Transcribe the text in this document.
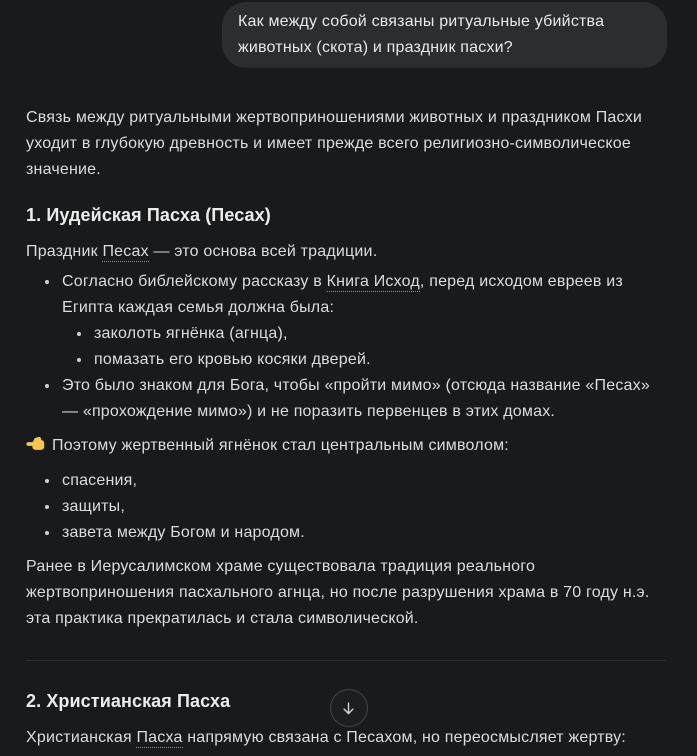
Как между собой связаны ритуальные убийства животных (скота) и праздник пасхи?

Связь между ритуальными жертвоприношениями животных и праздником Пасхи уходит в глубокую древность и имеет прежде всего религиозно-символическое значение.

1. Иудейская Пасха (Песах)

Праздник Песах — это основа всей традиции.

• Согласно библейскому рассказу в Книга Исход, перед исходом евреев из Египта каждая семья должна была:
• заколоть ягнёнка (агнца),
• помазать его кровью косяки дверей.
• Это было знаком для Бога, чтобы «пройти мимо» (отсюда название «Песах» — «прохождение мимо») и не поразить первенцев в этих домах.

Поэтому жертвенный ягнёнок стал центральным символом:

• спасения,
• защиты,
• завета между Богом и народом.

Ранее в Иерусалимском храме существовала традиция реального жертвоприношения пасхального агнца, но после разрушения храма в 70 году н.э. эта практика прекратилась и стала символической.

2. Христианская Пасха

Христианская Пасха напрямую связана с Песахом, но переосмысляет жертву:
